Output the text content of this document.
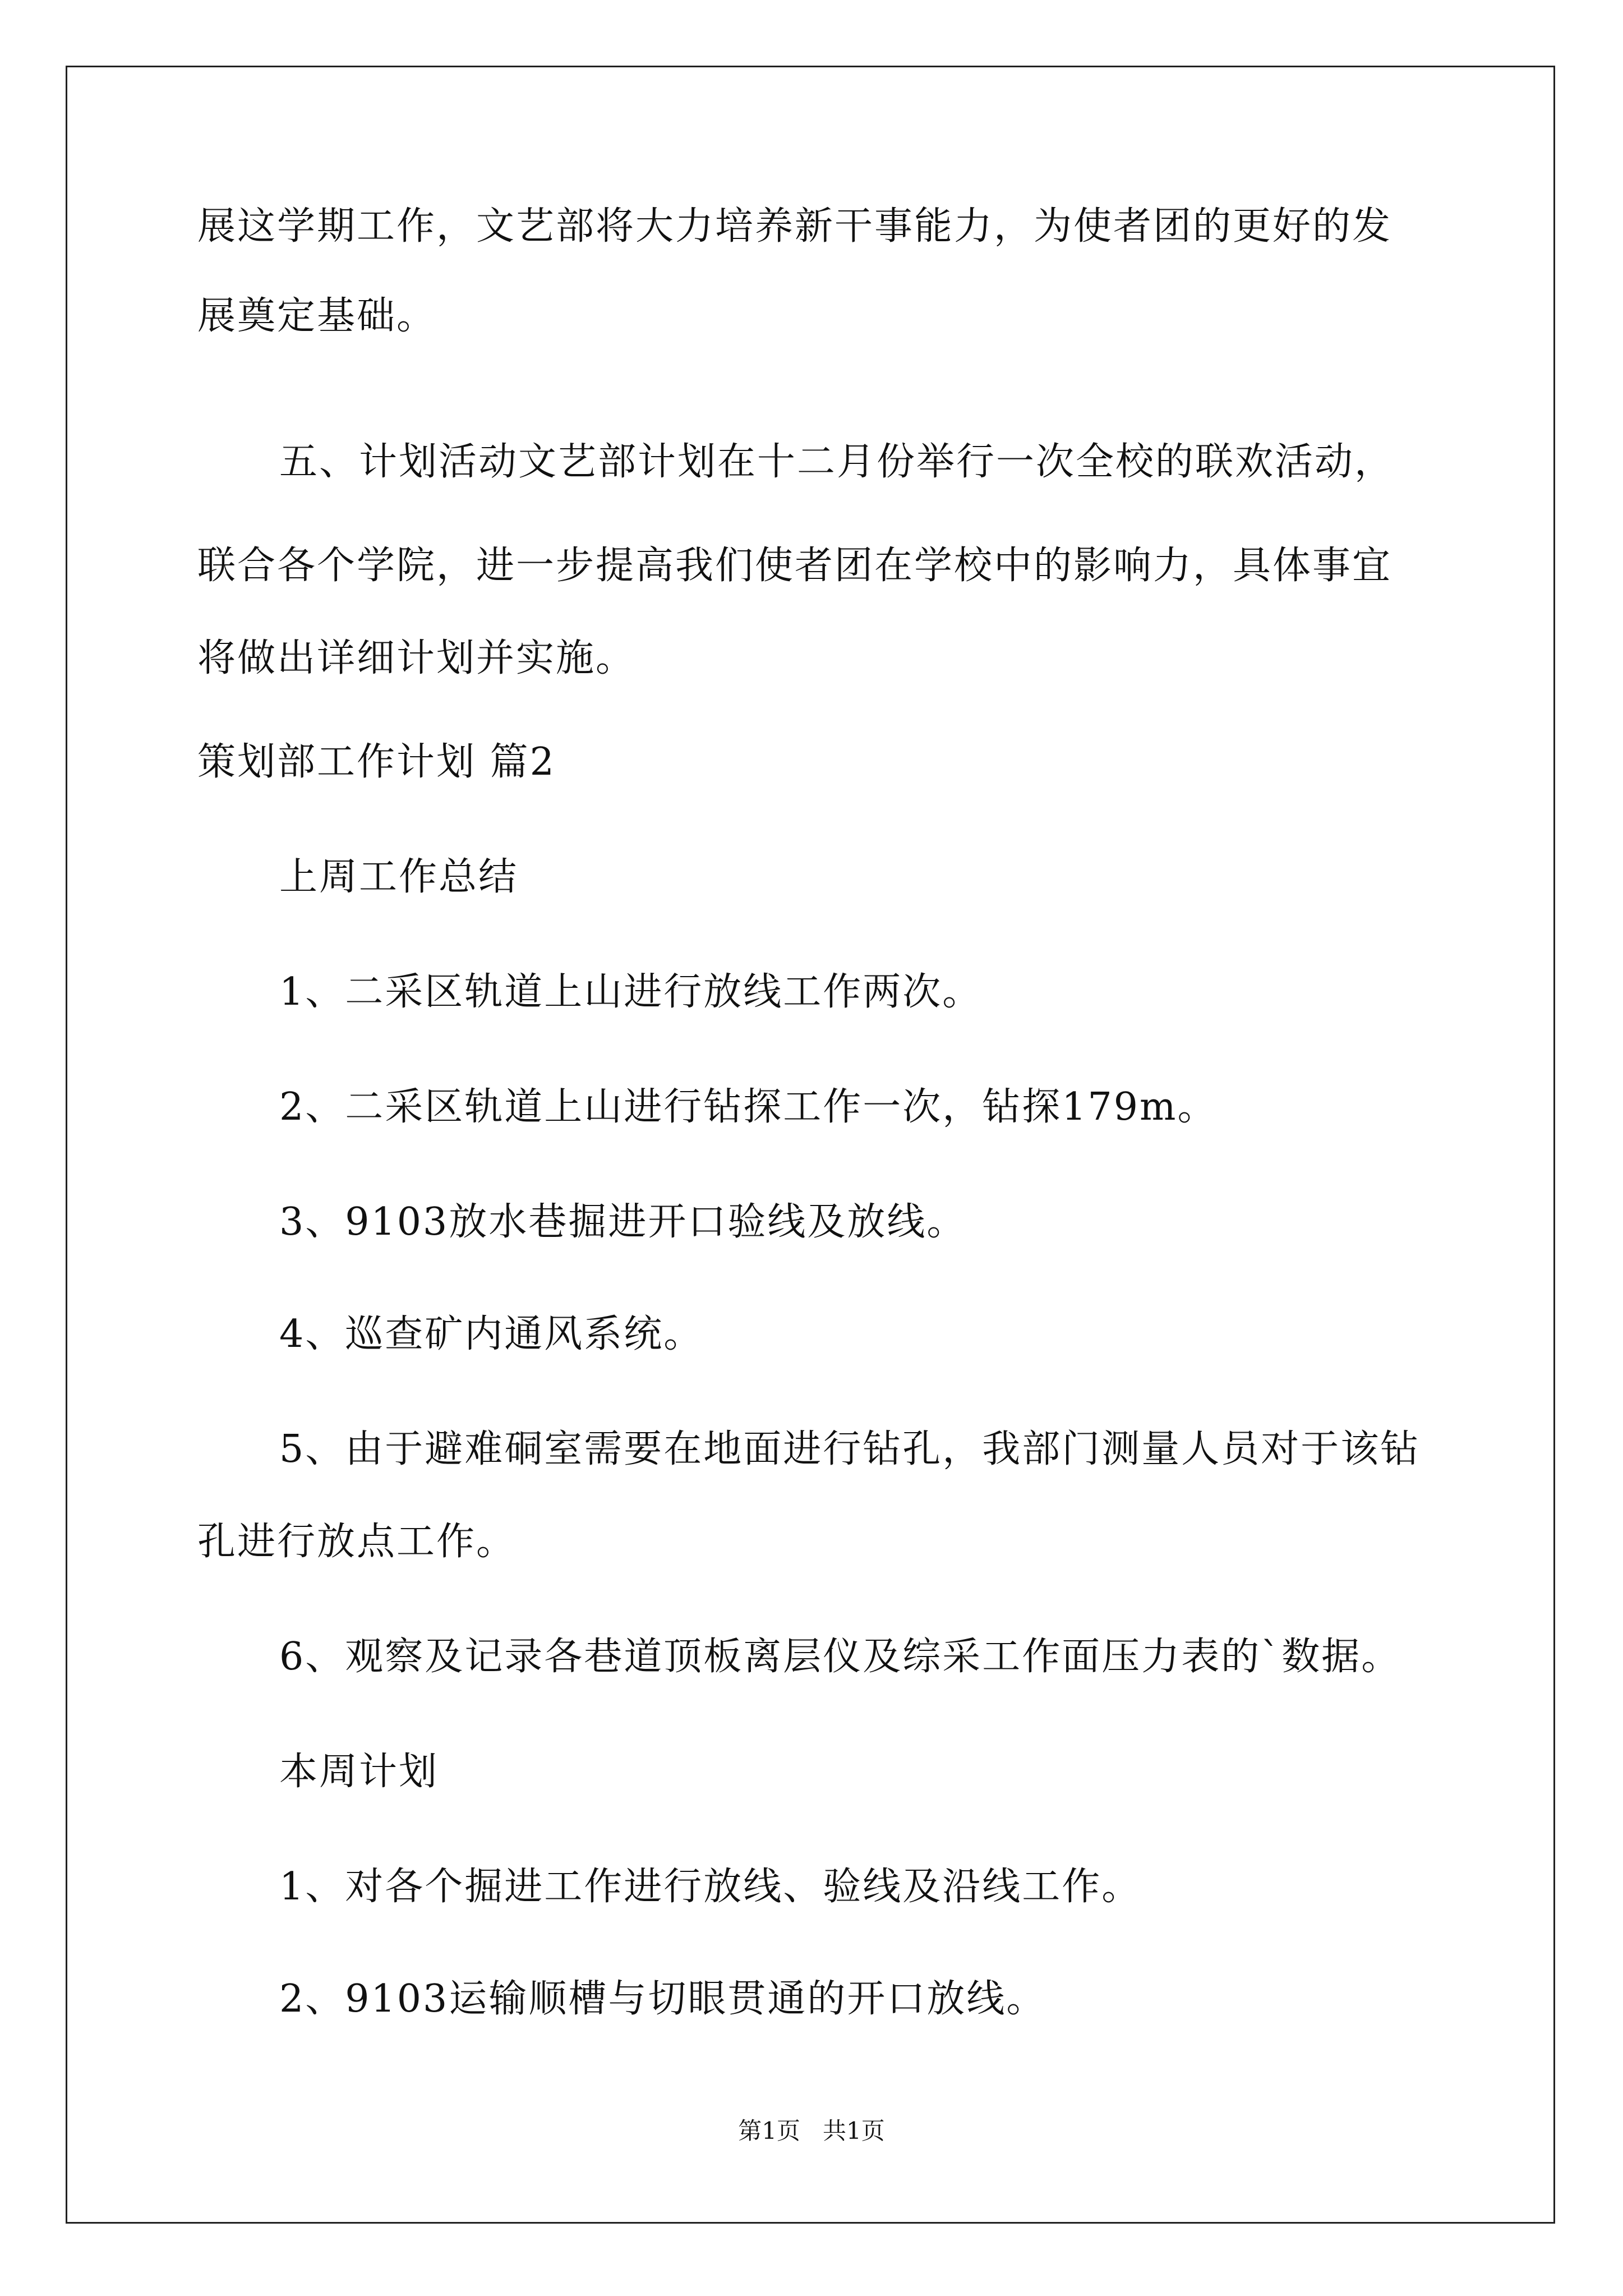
展这学期工作，文艺部将大力培养新干事能力，为使者团的更好的发
展奠定基础。
五、计划活动文艺部计划在十二月份举行一次全校的联欢活动，
联合各个学院，进一步提高我们使者团在学校中的影响力，具体事宜
将做出详细计划并实施。
策划部工作计划 篇2
上周工作总结
1、二采区轨道上山进行放线工作两次。
2、二采区轨道上山进行钻探工作一次，钻探179m。
3、9103放水巷掘进开口验线及放线。
4、巡查矿内通风系统。
5、由于避难硐室需要在地面进行钻孔，我部门测量人员对于该钻
孔进行放点工作。
6、观察及记录各巷道顶板离层仪及综采工作面压力表的`数据。
本周计划
1、对各个掘进工作进行放线、验线及沿线工作。
2、9103运输顺槽与切眼贯通的开口放线。
第1页   共1页
